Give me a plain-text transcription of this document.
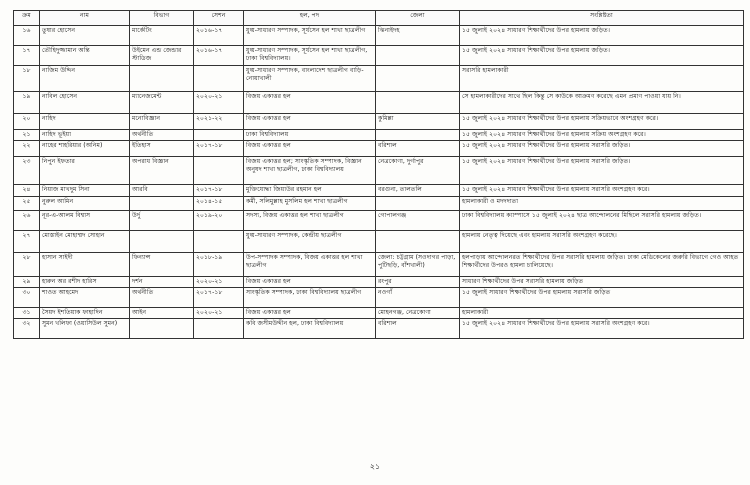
ক্রম	নাম	বিভাগ	সেশন	হল, পদ	জেলা	সংশ্লিষ্টতা
১৬	তুষার হোসেন	মার্কেটিং	২০১৬-১৭	যুগ্ম-সাধারণ সম্পাদক, সূর্যসেন হল শাখা ছাত্রলীগ	ঝিনাইদহ	১৫ জুলাই ২০২৪ সাধারণ শিক্ষার্থীদের উপর হামলায় জড়িত।
১৭	তৌহিদুজ্জামান অন্তি	উইমেন এন্ড জেন্ডার স্টাডিজ	২০১৬-১৭	যুগ্ম-সাধারণ সম্পাদক, সূর্যসেন হল শাখা ছাত্রলীগ, ঢাকা বিশ্ববিদ্যালয়।		১৫ জুলাই ২০২৪ সাধারণ শিক্ষার্থীদের উপর হামলায় জড়িত।
১৮	নাজিম উদ্দিন			যুগ্ম-সাধারণ সম্পাদক, বাংলাদেশ ছাত্রলীগ বাড়ি- নোয়াখালী		সরাসরি হামলাকারী
১৯	নাবিল হোসেন	ম্যানেজমেন্ট	২০২০-২১	বিজয় একাত্তর হল		সে হামলাকারীদের সাথে ছিল কিন্তু সে কাউকে আক্রমণ করেছে এমন প্রমাণ পাওয়া যায় নি।
২০	নাহিদ	মনোবিজ্ঞান	২০২১-২২	বিজয় একাত্তর হল	কুমিল্লা	১৫ জুলাই ২০২৪ সাধারণ শিক্ষার্থীদের উপর হামলায় সক্রিয়ভাবে অংশগ্রহণ করে।
২১	নাহিদ ভূইয়া	অর্থনীতি		ঢাকা বিশ্ববিদ্যালয়		১৫ জুলাই ২০২৪ সাধারণ শিক্ষার্থীদের উপর হামলায় সক্রিয় অংশগ্রহণ করে।
২২	নাহের শাহরিয়ার (অনিম)	ইতিহাস	২০১৭-১৮	বিজয় একাত্তর হল	বরিশাল	১৫ জুলাই ২০২৪ সাধারণ শিক্ষার্থীদের উপর হামলায় সরাসরি জড়িত।
২৩	নিপুন ইফতার	অপরাধ বিজ্ঞান		বিজয় একাত্তর হল; সাংস্কৃতিক সম্পাদক, বিজ্ঞান অনুষদ শাখা ছাত্রলীগ, ঢাকা বিশ্ববিদ্যালয়	নেত্রকোণা, দুর্গাপুর	১৫ জুলাই ২০২৪ সাধারণ শিক্ষার্থীদের উপর হামলায় সরাসরি জড়িত।
২৪	নিয়াজ মাখদুম সিনা	আরবি	২০১৭-১৮	মুক্তিযোদ্ধা জিয়াউর রহমান হল	বরগুনা, তালতলি	১৫ জুলাই ২০২৪ সাধারণ শিক্ষার্থীদের উপর হামলায় সরাসরি অংশগ্রহণ করে।
২৫	নুরুল আমিন		২০১৪-১৫	কর্মী, সলিমুল্লাহ মুসলিম হল শাখা ছাত্রলীগ		হামলাকারী ও মদদদাতা
২৬	নূর-এ-আলম বিশ্বাস	উর্দু	২০১৯-২০	সদস্য, বিজয় একাত্তর হল শাখা ছাত্রলীগ	গোপালগঞ্জ	ঢাকা বিশ্ববিদ্যালয় ক্যাম্পাসে ১৫ জুলাই ২০২৪ ছাত্র আন্দোলনের মিছিলে সরাসরি হামলায় জড়িত।
২৭	মোস্তাইন মোহাম্মদ সোহান			যুগ্ম-সাধারণ সম্পাদক, কেন্দ্রীয় ছাত্রলীগ		হামলায় নেতৃত্ব দিয়েছে এবং হামলায় সরাসরি অংশগ্রহণ করেছে।
২৮	হাসান সাইদী	ফিন্যান্স	২০১৮-১৯	উপ-সম্পাদক সম্পাদক, বিজয় একাত্তর হল শাখা ছাত্রলীগ	জেলা: চট্টগ্রাম (সওদাগর পাড়া, পুটিছড়ি, বাঁশখালী)	হলপাড়ায় আন্দোলনরত শিক্ষার্থীদের উপর সরাসরি হামলায় জড়িত। ঢাকা মেডিকেলের জরুরি বিভাগে গেও আহত শিক্ষার্থীদের উপরও হামলা চালিয়েছে।
২৯	হারুন অর রশীদ হারিস	দর্শন	২০২০-২১	বিজয় একাত্তর হল	রংপুর	সাধারণ শিক্ষার্থীদের উপর সরাসরি হামলায় জড়িত
৩০	শাওত আহমেদ	অর্থনীতি	২০১৭-১৮	সাংস্কৃতিক সম্পাদক, ঢাকা বিশ্ববিদ্যালয় ছাত্রলীগ	নওগাঁ	১৫ জুলাই সাধারণ শিক্ষার্থীদের উপর হামলায় সরাসরি জড়িত
৩১	সৈয়দ ইশতিয়াক ফাহাদিন	আইন	২০২০-২১	বিজয় একাত্তর হল	মোহনগঞ্জ, নেত্রকোণা	হামলাকারী
৩২	সুমন খলিফা (ওয়াসিউল সুমন)			কবি জসীমউদ্দীন হল, ঢাকা বিশ্ববিদ্যালয়	বরিশাল	১৫ জুলাই ২০২৪ সাধারণ শিক্ষার্থীদের উপর হামলায় সরাসরি অংশগ্রহণ করে।
২১
